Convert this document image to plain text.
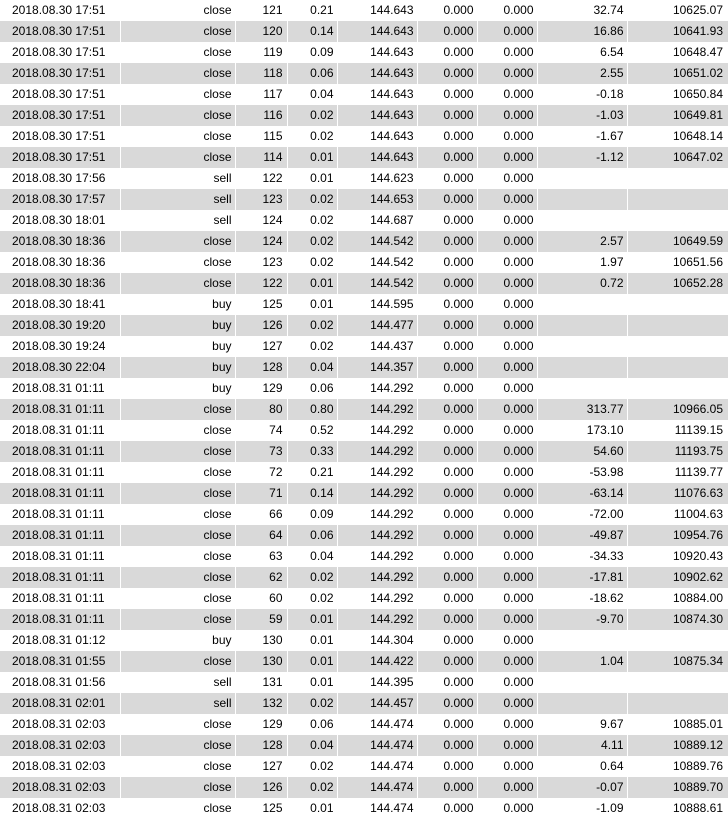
2018.08.30 17:51	close	121	0.21	144.643	0.000	0.000	32.74	10625.07
2018.08.30 17:51	close	120	0.14	144.643	0.000	0.000	16.86	10641.93
2018.08.30 17:51	close	119	0.09	144.643	0.000	0.000	6.54	10648.47
2018.08.30 17:51	close	118	0.06	144.643	0.000	0.000	2.55	10651.02
2018.08.30 17:51	close	117	0.04	144.643	0.000	0.000	-0.18	10650.84
2018.08.30 17:51	close	116	0.02	144.643	0.000	0.000	-1.03	10649.81
2018.08.30 17:51	close	115	0.02	144.643	0.000	0.000	-1.67	10648.14
2018.08.30 17:51	close	114	0.01	144.643	0.000	0.000	-1.12	10647.02
2018.08.30 17:56	sell	122	0.01	144.623	0.000	0.000		
2018.08.30 17:57	sell	123	0.02	144.653	0.000	0.000		
2018.08.30 18:01	sell	124	0.02	144.687	0.000	0.000		
2018.08.30 18:36	close	124	0.02	144.542	0.000	0.000	2.57	10649.59
2018.08.30 18:36	close	123	0.02	144.542	0.000	0.000	1.97	10651.56
2018.08.30 18:36	close	122	0.01	144.542	0.000	0.000	0.72	10652.28
2018.08.30 18:41	buy	125	0.01	144.595	0.000	0.000		
2018.08.30 19:20	buy	126	0.02	144.477	0.000	0.000		
2018.08.30 19:24	buy	127	0.02	144.437	0.000	0.000		
2018.08.30 22:04	buy	128	0.04	144.357	0.000	0.000		
2018.08.31 01:11	buy	129	0.06	144.292	0.000	0.000		
2018.08.31 01:11	close	80	0.80	144.292	0.000	0.000	313.77	10966.05
2018.08.31 01:11	close	74	0.52	144.292	0.000	0.000	173.10	11139.15
2018.08.31 01:11	close	73	0.33	144.292	0.000	0.000	54.60	11193.75
2018.08.31 01:11	close	72	0.21	144.292	0.000	0.000	-53.98	11139.77
2018.08.31 01:11	close	71	0.14	144.292	0.000	0.000	-63.14	11076.63
2018.08.31 01:11	close	66	0.09	144.292	0.000	0.000	-72.00	11004.63
2018.08.31 01:11	close	64	0.06	144.292	0.000	0.000	-49.87	10954.76
2018.08.31 01:11	close	63	0.04	144.292	0.000	0.000	-34.33	10920.43
2018.08.31 01:11	close	62	0.02	144.292	0.000	0.000	-17.81	10902.62
2018.08.31 01:11	close	60	0.02	144.292	0.000	0.000	-18.62	10884.00
2018.08.31 01:11	close	59	0.01	144.292	0.000	0.000	-9.70	10874.30
2018.08.31 01:12	buy	130	0.01	144.304	0.000	0.000		
2018.08.31 01:55	close	130	0.01	144.422	0.000	0.000	1.04	10875.34
2018.08.31 01:56	sell	131	0.01	144.395	0.000	0.000		
2018.08.31 02:01	sell	132	0.02	144.457	0.000	0.000		
2018.08.31 02:03	close	129	0.06	144.474	0.000	0.000	9.67	10885.01
2018.08.31 02:03	close	128	0.04	144.474	0.000	0.000	4.11	10889.12
2018.08.31 02:03	close	127	0.02	144.474	0.000	0.000	0.64	10889.76
2018.08.31 02:03	close	126	0.02	144.474	0.000	0.000	-0.07	10889.70
2018.08.31 02:03	close	125	0.01	144.474	0.000	0.000	-1.09	10888.61
